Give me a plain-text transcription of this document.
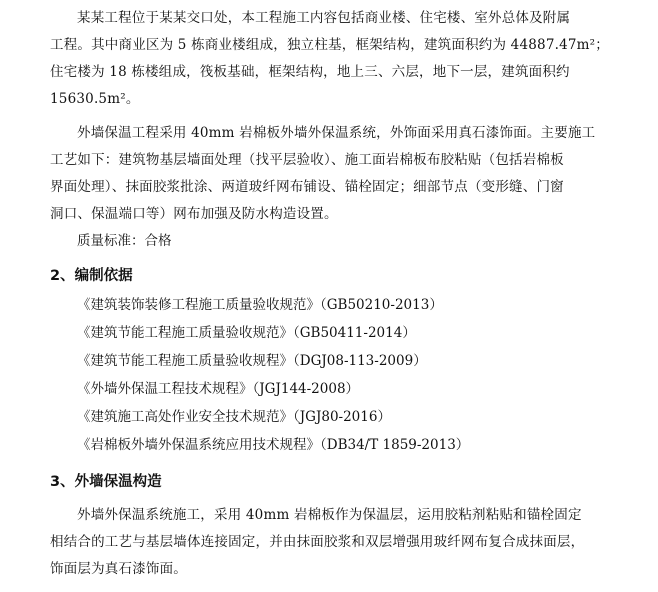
某某工程位于某某交口处，本工程施工内容包括商业楼、住宅楼、室外总体及附属
工程。其中商业区为 5 栋商业楼组成，独立柱基，框架结构，建筑面积约为 44887.47m²；
住宅楼为 18 栋楼组成，筏板基础，框架结构，地上三、六层，地下一层，建筑面积约
15630.5m²。

外墙保温工程采用 40mm 岩棉板外墙外保温系统，外饰面采用真石漆饰面。主要施工
工艺如下：建筑物基层墙面处理（找平层验收）、施工面岩棉板布胶粘贴（包括岩棉板
界面处理）、抹面胶浆批涂、两道玻纤网布铺设、锚栓固定；细部节点（变形缝、门窗
洞口、保温端口等）网布加强及防水构造设置。

质量标准：合格
2、编制依据
《建筑装饰装修工程施工质量验收规范》（GB50210-2013）
《建筑节能工程施工质量验收规范》（GB50411-2014）
《建筑节能工程施工质量验收规程》（DGJ08-113-2009）
《外墙外保温工程技术规程》（JGJ144-2008）
《建筑施工高处作业安全技术规范》（JGJ80-2016）
《岩棉板外墙外保温系统应用技术规程》（DB34/T 1859-2013）
3、外墙保温构造

外墙外保温系统施工，采用 40mm 岩棉板作为保温层，运用胶粘剂粘贴和锚栓固定
相结合的工艺与基层墙体连接固定，并由抹面胶浆和双层增强用玻纤网布复合成抹面层，
饰面层为真石漆饰面。
